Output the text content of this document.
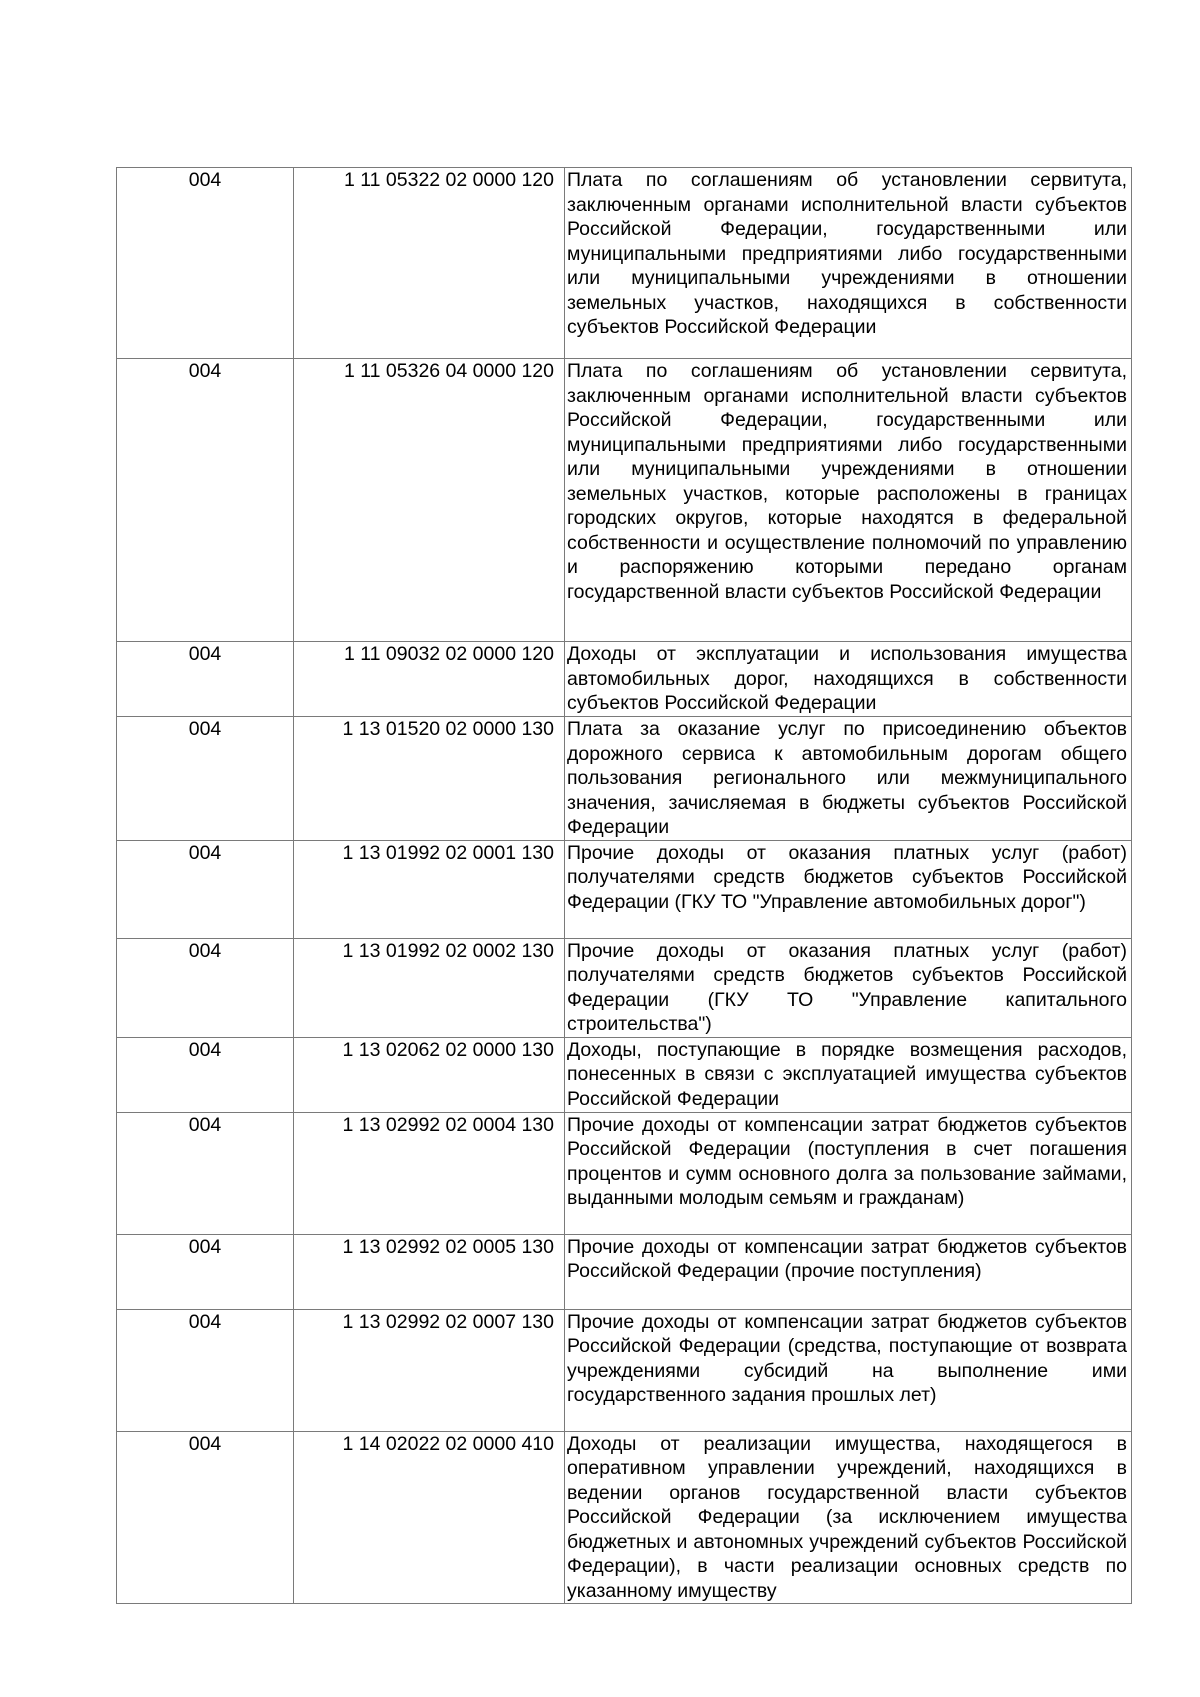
004	1 11 05322 02 0000 120	Плата по соглашениям об установлении сервитута, заключенным органами исполнительной власти субъектов Российской Федерации, государственными или муниципальными предприятиями либо государственными или муниципальными учреждениями в отношении земельных участков, находящихся в собственности субъектов Российской Федерации
004	1 11 05326 04 0000 120	Плата по соглашениям об установлении сервитута, заключенным органами исполнительной власти субъектов Российской Федерации, государственными или муниципальными предприятиями либо государственными или муниципальными учреждениями в отношении земельных участков, которые расположены в границах городских округов, которые находятся в федеральной собственности и осуществление полномочий по управлению и распоряжению которыми передано органам государственной власти субъектов Российской Федерации
004	1 11 09032 02 0000 120	Доходы от эксплуатации и использования имущества автомобильных дорог, находящихся в собственности субъектов Российской Федерации
004	1 13 01520 02 0000 130	Плата за оказание услуг по присоединению объектов дорожного сервиса к автомобильным дорогам общего пользования регионального или межмуниципального значения, зачисляемая в бюджеты субъектов Российской Федерации
004	1 13 01992 02 0001 130	Прочие доходы от оказания платных услуг (работ) получателями средств бюджетов субъектов Российской Федерации (ГКУ ТО "Управление автомобильных дорог")
004	1 13 01992 02 0002 130	Прочие доходы от оказания платных услуг (работ) получателями средств бюджетов субъектов Российской Федерации (ГКУ ТО "Управление капитального строительства")
004	1 13 02062 02 0000 130	Доходы, поступающие в порядке возмещения расходов, понесенных в связи с эксплуатацией имущества субъектов Российской Федерации
004	1 13 02992 02 0004 130	Прочие доходы от компенсации затрат бюджетов субъектов Российской Федерации (поступления в счет погашения процентов и сумм основного долга за пользование займами, выданными молодым семьям и гражданам)
004	1 13 02992 02 0005 130	Прочие доходы от компенсации затрат бюджетов субъектов Российской Федерации (прочие поступления)
004	1 13 02992 02 0007 130	Прочие доходы от компенсации затрат бюджетов субъектов Российской Федерации (средства, поступающие от возврата учреждениями субсидий на выполнение ими государственного задания прошлых лет)
004	1 14 02022 02 0000 410	Доходы от реализации имущества, находящегося в оперативном управлении учреждений, находящихся в ведении органов государственной власти субъектов Российской Федерации (за исключением имущества бюджетных и автономных учреждений субъектов Российской Федерации), в части реализации основных средств по указанному имуществу
